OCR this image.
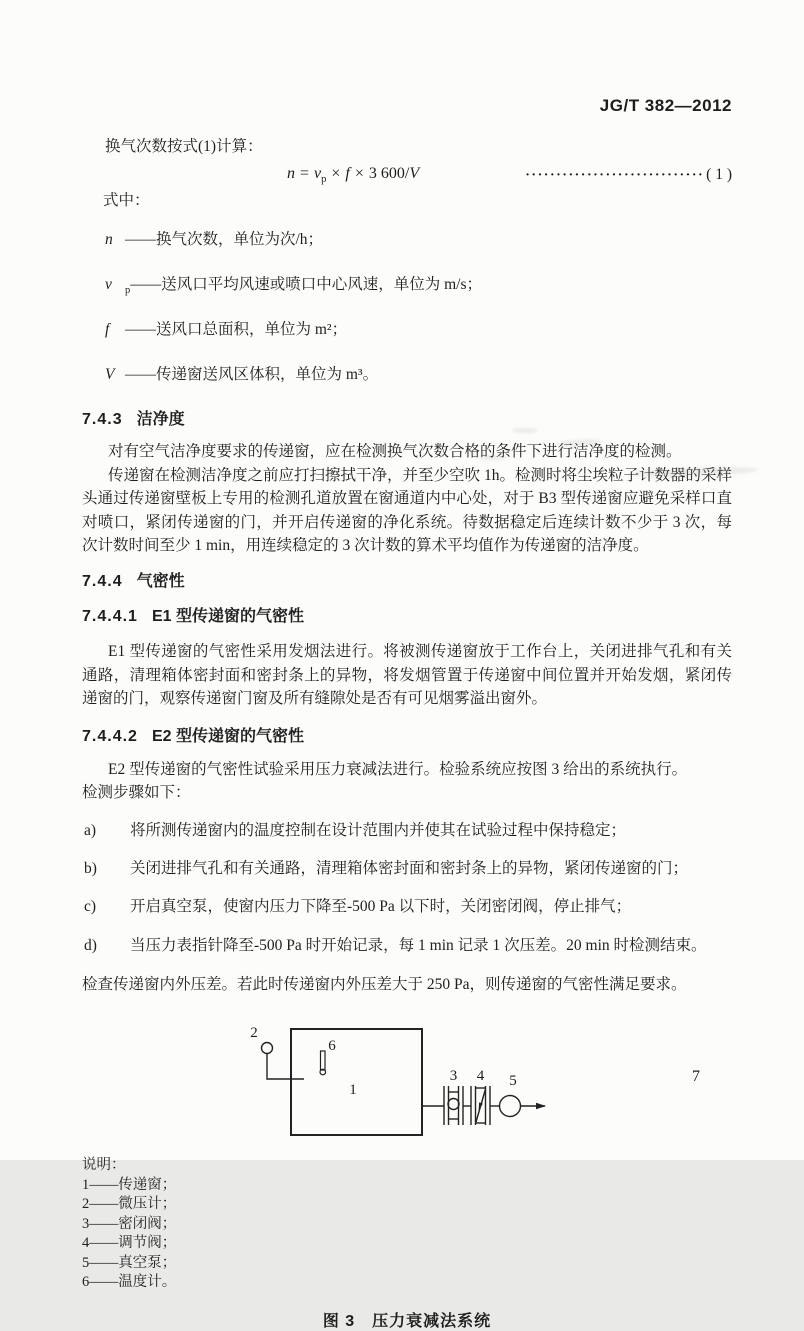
JG/T 382—2012

换气次数按式(1)计算：

$n = v_p \times f \times 3$ 600/V	····························· ( 1 )

式中：

n ——换气次数，单位为次/h；

v $_p$——送风口平均风速或喷口中心风速，单位为 m/s；

f ——送风口总面积，单位为 m²；

V ——传递窗送风区体积，单位为 m³。

7.4.3 洁净度

对有空气洁净度要求的传递窗，应在检测换气次数合格的条件下进行洁净度的检测。

传递窗在检测洁净度之前应打扫擦拭干净，并至少空吹 1h。检测时将尘埃粒子计数器的采样头通过传递窗壁板上专用的检测孔道放置在窗通道内中心处，对于 B3 型传递窗应避免采样口直对喷口，紧闭传递窗的门，并开启传递窗的净化系统。待数据稳定后连续计数不少于 3 次，每次计数时间至少 1 min，用连续稳定的 3 次计数的算术平均值作为传递窗的洁净度。

7.4.4 气密性
7.4.4.1 E1 型传递窗的气密性

E1 型传递窗的气密性采用发烟法进行。将被测传递窗放于工作台上，关闭进排气孔和有关通路，清理箱体密封面和密封条上的异物，将发烟管置于传递窗中间位置并开始发烟，紧闭传递窗的门，观察传递窗门窗及所有缝隙处是否有可见烟雾溢出窗外。

7.4.4.2 E2 型传递窗的气密性

E2 型传递窗的气密性试验采用压力衰减法进行。检验系统应按图 3 给出的系统执行。

检测步骤如下：

a)	将所测传递窗内的温度控制在设计范围内并使其在试验过程中保持稳定；

b)	关闭进排气孔和有关通路，清理箱体密封面和密封条上的异物，紧闭传递窗的门；

c)	开启真空泵，使窗内压力下降至-500 Pa 以下时，关闭密闭阀，停止排气；

d)	当压力表指针降至-500 Pa 时开始记录，每 1 min 记录 1 次压差。20 min 时检测结束。

检查传递窗内外压差。若此时传递窗内外压差大于 250 Pa，则传递窗的气密性满足要求。

1
2
3 4 5
6

说明：

1——传递窗；

2——微压计；

3——密闭阀；

4——调节阀；

5——真空泵；

6——温度计。

图 3　压力衰减法系统

7
